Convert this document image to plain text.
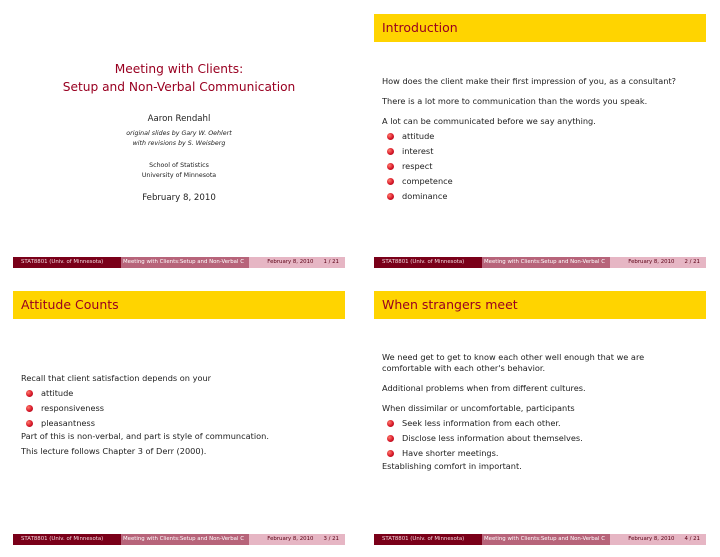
Meeting with Clients:
Setup and Non-Verbal Communication
Aaron Rendahl
original slides by Gary W. Oehlert
with revisions by S. Weisberg
School of Statistics
University of Minnesota
February 8, 2010
STAT8801 (Univ. of Minnesota)	Meeting with Clients:Setup and Non-Verbal C	February 8, 2010 1 / 21
Introduction

How does the client make their first impression of you, as a consultant?

There is a lot more to communication than the words you speak.

A lot can be communicated before we say anything.

attitude
interest
respect
competence
dominance
STAT8801 (Univ. of Minnesota)	Meeting with Clients:Setup and Non-Verbal C	February 8, 2010 2 / 21
Attitude Counts

Recall that client satisfaction depends on your

attitude
responsiveness
pleasantness

Part of this is non-verbal, and part is style of communcation.

This lecture follows Chapter 3 of Derr (2000).

STAT8801 (Univ. of Minnesota)	Meeting with Clients:Setup and Non-Verbal C	February 8, 2010 3 / 21
When strangers meet

We need get to get to know each other well enough that we are

comfortable with each other's behavior.

Additional problems when from different cultures.

When dissimilar or uncomfortable, participants

Seek less information from each other.
Disclose less information about themselves.
Have shorter meetings.

Establishing comfort in important.

STAT8801 (Univ. of Minnesota)	Meeting with Clients:Setup and Non-Verbal C	February 8, 2010 4 / 21
